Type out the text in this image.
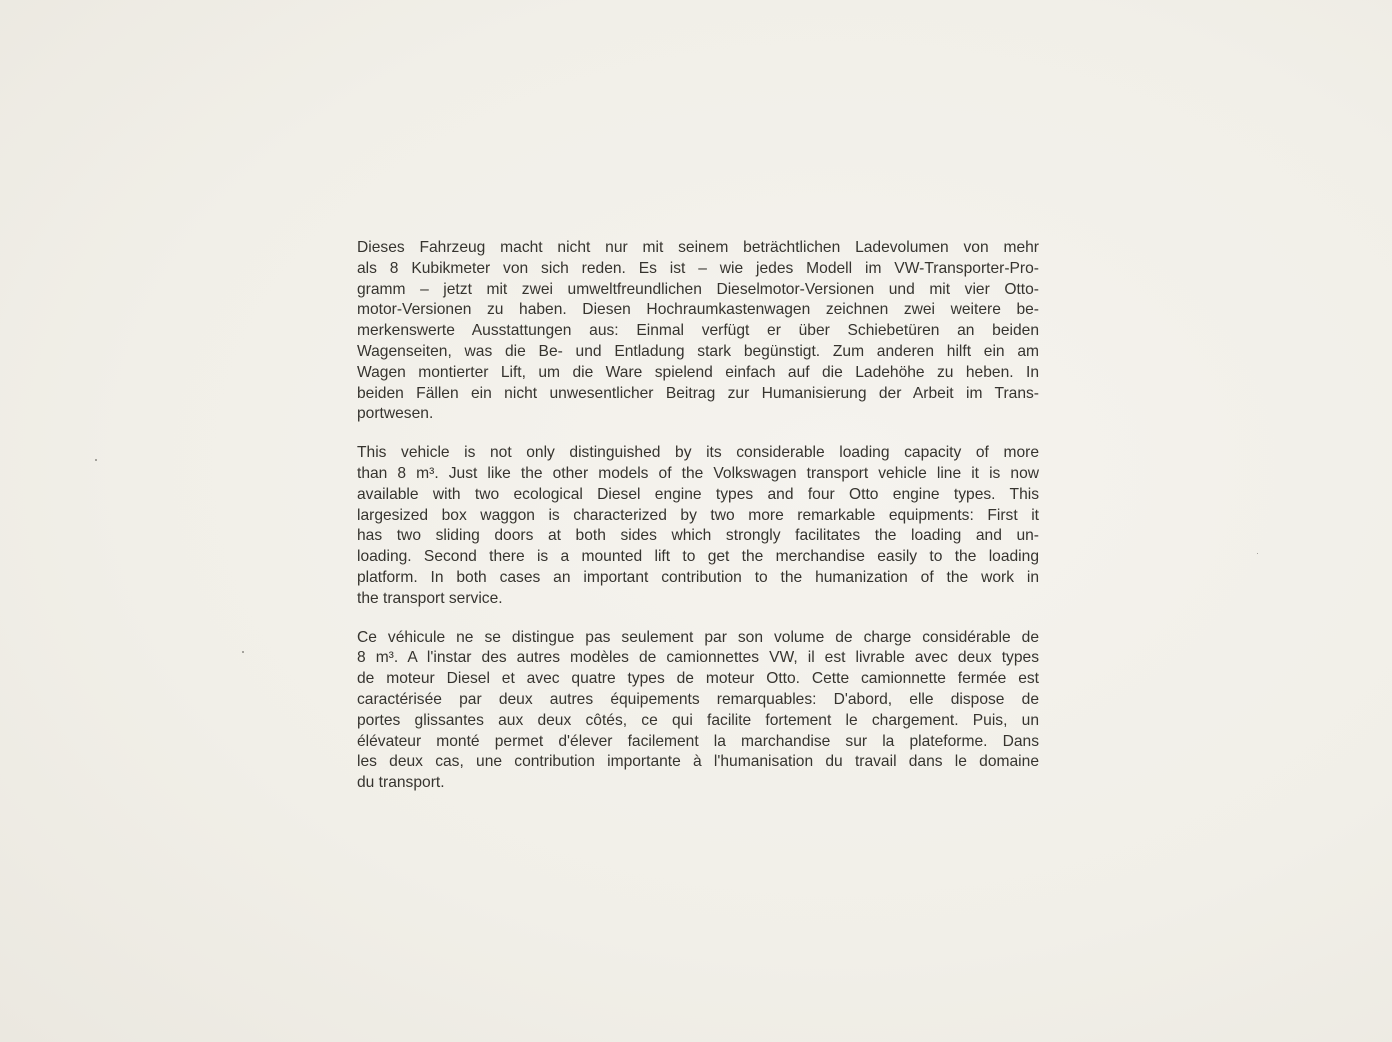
Dieses Fahrzeug macht nicht nur mit seinem beträchtlichen Ladevolumen von mehr
als 8 Kubikmeter von sich reden. Es ist – wie jedes Modell im VW-Transporter-Pro-
gramm – jetzt mit zwei umweltfreundlichen Dieselmotor-Versionen und mit vier Otto-
motor-Versionen zu haben. Diesen Hochraumkastenwagen zeichnen zwei weitere be-
merkenswerte Ausstattungen aus: Einmal verfügt er über Schiebetüren an beiden
Wagenseiten, was die Be- und Entladung stark begünstigt. Zum anderen hilft ein am
Wagen montierter Lift, um die Ware spielend einfach auf die Ladehöhe zu heben. In
beiden Fällen ein nicht unwesentlicher Beitrag zur Humanisierung der Arbeit im Trans-
portwesen.
This vehicle is not only distinguished by its considerable loading capacity of more
than 8 m³. Just like the other models of the Volkswagen transport vehicle line it is now
available with two ecological Diesel engine types and four Otto engine types. This
largesized box waggon is characterized by two more remarkable equipments: First it
has two sliding doors at both sides which strongly facilitates the loading and un-
loading. Second there is a mounted lift to get the merchandise easily to the loading
platform. In both cases an important contribution to the humanization of the work in
the transport service.
Ce véhicule ne se distingue pas seulement par son volume de charge considérable de
8 m³. A l'instar des autres modèles de camionnettes VW, il est livrable avec deux types
de moteur Diesel et avec quatre types de moteur Otto. Cette camionnette fermée est
caractérisée par deux autres équipements remarquables: D'abord, elle dispose de
portes glissantes aux deux côtés, ce qui facilite fortement le chargement. Puis, un
élévateur monté permet d'élever facilement la marchandise sur la plateforme. Dans
les deux cas, une contribution importante à l'humanisation du travail dans le domaine
du transport.
